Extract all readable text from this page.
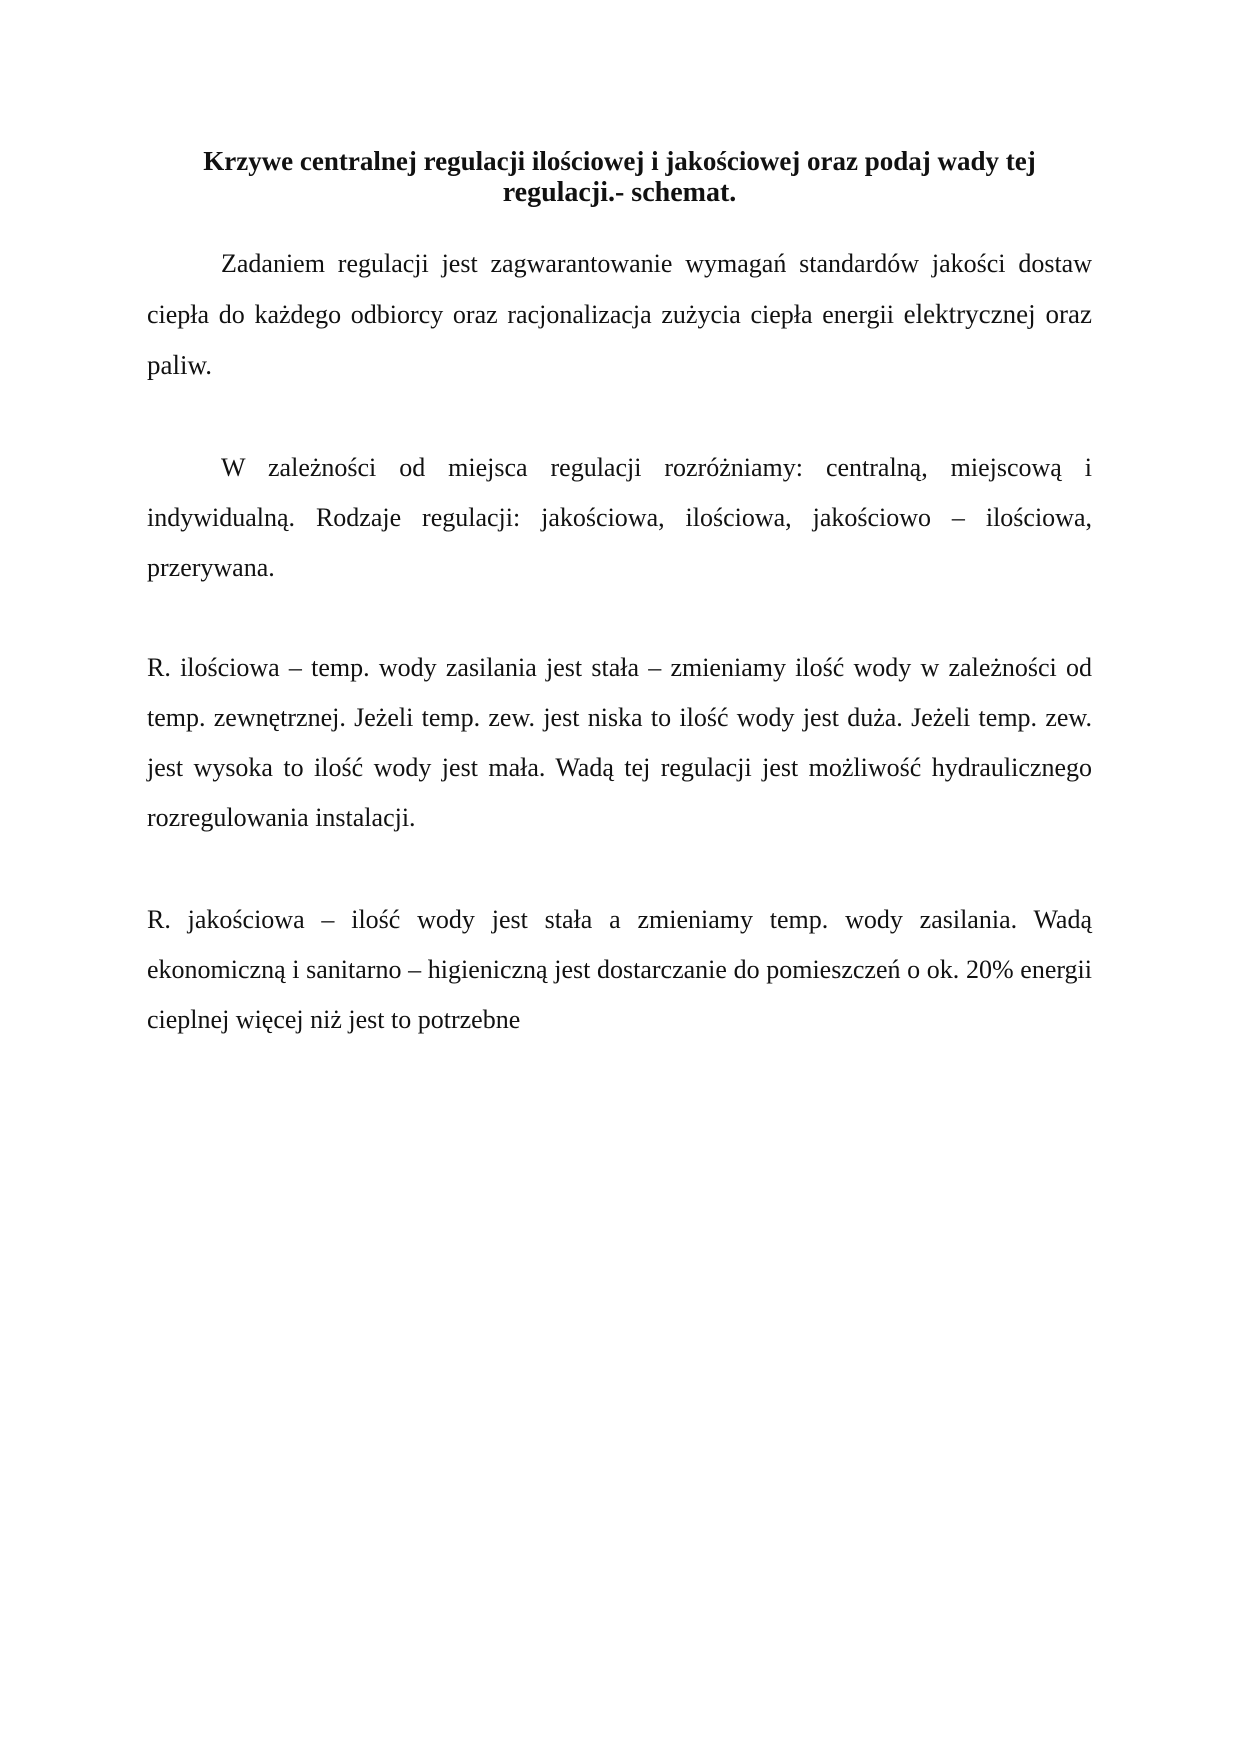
Krzywe centralnej regulacji ilościowej i jakościowej oraz podaj wady tej
regulacji.- schemat.

Zadaniem regulacji jest zagwarantowanie wymagań standardów jakości dostaw ciepła do każdego odbiorcy oraz racjonalizacja zużycia ciepła energii elektrycznej oraz paliw.

W zależności od miejsca regulacji rozróżniamy: centralną, miejscową i indywidualną. Rodzaje regulacji: jakościowa, ilościowa, jakościowo – ilościowa, przerywana.

R. ilościowa – temp. wody zasilania jest stała – zmieniamy ilość wody w zależności od temp. zewnętrznej. Jeżeli temp. zew. jest niska to ilość wody jest duża. Jeżeli temp. zew. jest wysoka to ilość wody jest mała. Wadą tej regulacji jest możliwość hydraulicznego rozregulowania instalacji.

R. jakościowa – ilość wody jest stała a zmieniamy temp. wody zasilania. Wadą ekonomiczną i sanitarno – higieniczną jest dostarczanie do pomieszczeń o ok. 20% energii cieplnej więcej niż jest to potrzebne
